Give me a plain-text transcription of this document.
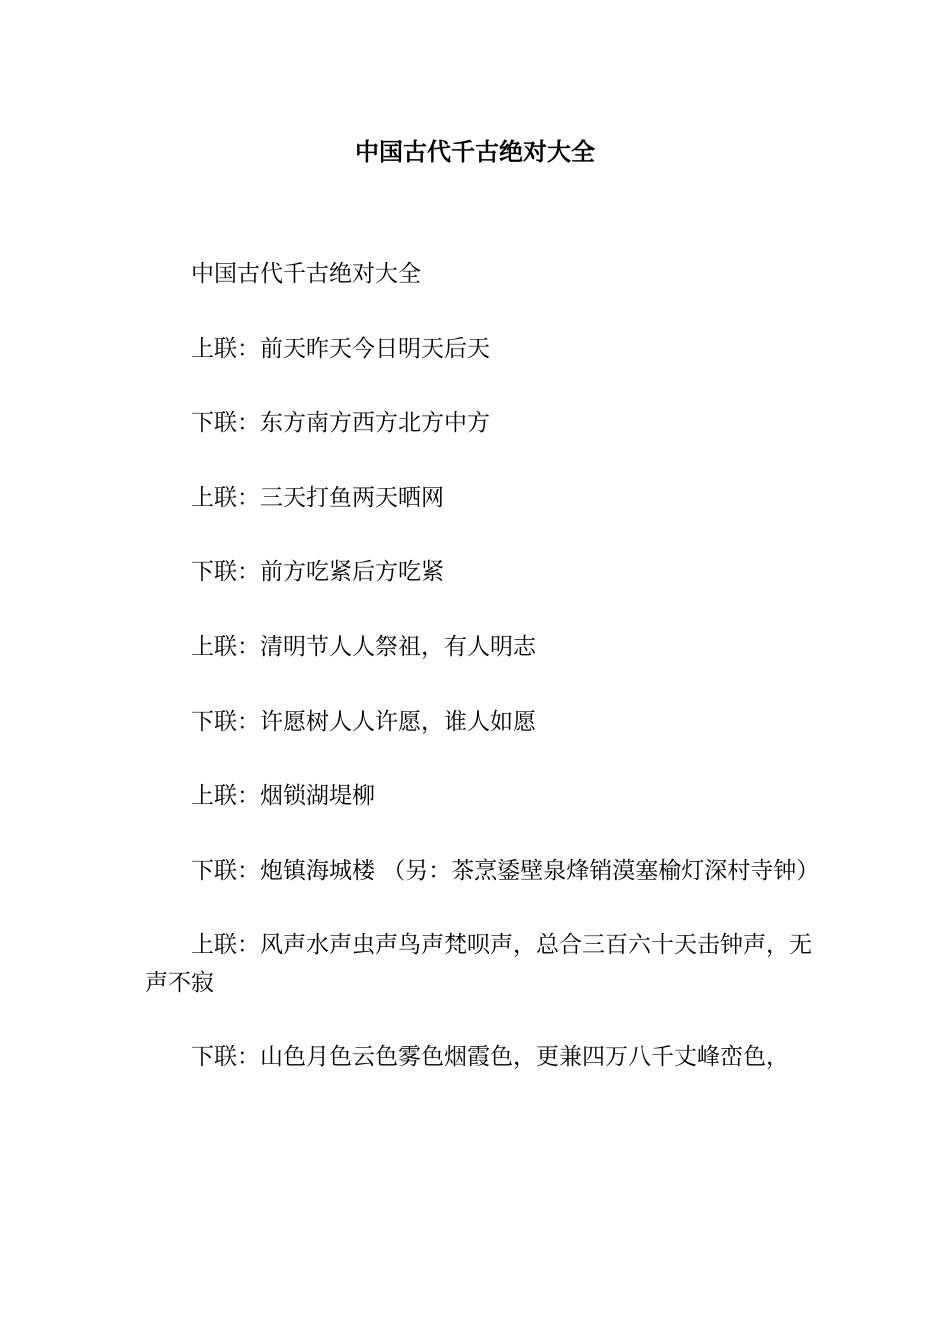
中国古代千古绝对大全

中国古代千古绝对大全

上联：前天昨天今日明天后天

下联：东方南方西方北方中方

上联：三天打鱼两天晒网

下联：前方吃紧后方吃紧

上联：清明节人人祭祖，有人明志

下联：许愿树人人许愿，谁人如愿

上联：烟锁湖堤柳

下联：炮镇海城楼 （另：茶烹鋈壁泉烽销漠塞榆灯深村寺钟）

上联：风声水声虫声鸟声梵呗声，总合三百六十天击钟声，无声不寂

下联：山色月色云色雾色烟霞色，更兼四万八千丈峰峦色，
